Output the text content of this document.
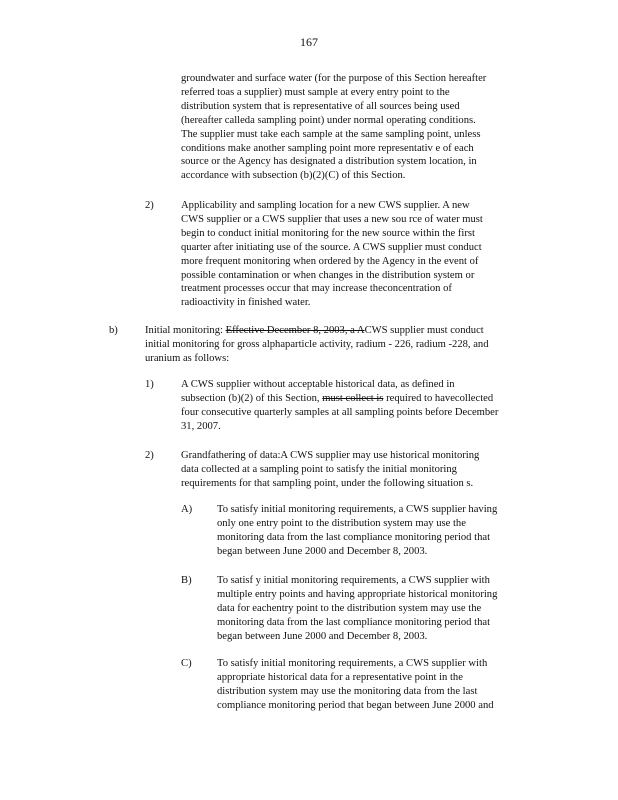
167
groundwater and surface water (for the purpose of this Section hereafter
referred toas a supplier) must sample at every entry point to the
distribution system that is representative of all sources being used
(hereafter calleda sampling point) under normal operating conditions.
The supplier must take each sample at the same sampling point, unless
conditions make another sampling point more representativ e of each
source or the Agency has designated a distribution system location, in
accordance with subsection (b)(2)(C) of this Section.
2)	Applicability and sampling location for a new CWS supplier. A new
CWS supplier or a CWS supplier that uses a new sou rce of water must
begin to conduct initial monitoring for the new source within the first
quarter after initiating use of the source. A CWS supplier must conduct
more frequent monitoring when ordered by the Agency in the event of
possible contamination or when changes in the distribution system or
treatment processes occur that may increase theconcentration of
radioactivity in finished water.
b)	Initial monitoring: Effective December 8, 2003, a ACWS supplier must conduct
initial monitoring for gross alphaparticle activity, radium - 226, radium -228, and
uranium as follows:
1)	A CWS supplier without acceptable historical data, as defined in
subsection (b)(2) of this Section, must collect is required to havecollected
four consecutive quarterly samples at all sampling points before December
31, 2007.
2)	Grandfathering of data:A CWS supplier may use historical monitoring
data collected at a sampling point to satisfy the initial monitoring
requirements for that sampling point, under the following situation s.
A) To satisfy initial monitoring requirements, a CWS supplier having
only one entry point to the distribution system may use the
monitoring data from the last compliance monitoring period that
began between June 2000 and December 8, 2003.
B) To satisf y initial monitoring requirements, a CWS supplier with
multiple entry points and having appropriate historical monitoring
data for eachentry point to the distribution system may use the
monitoring data from the last compliance monitoring period that
began between June 2000 and December 8, 2003.
C) To satisfy initial monitoring requirements, a CWS supplier with
appropriate historical data for a representative point in the
distribution system may use the monitoring data from the last
compliance monitoring period that began between June 2000 and
